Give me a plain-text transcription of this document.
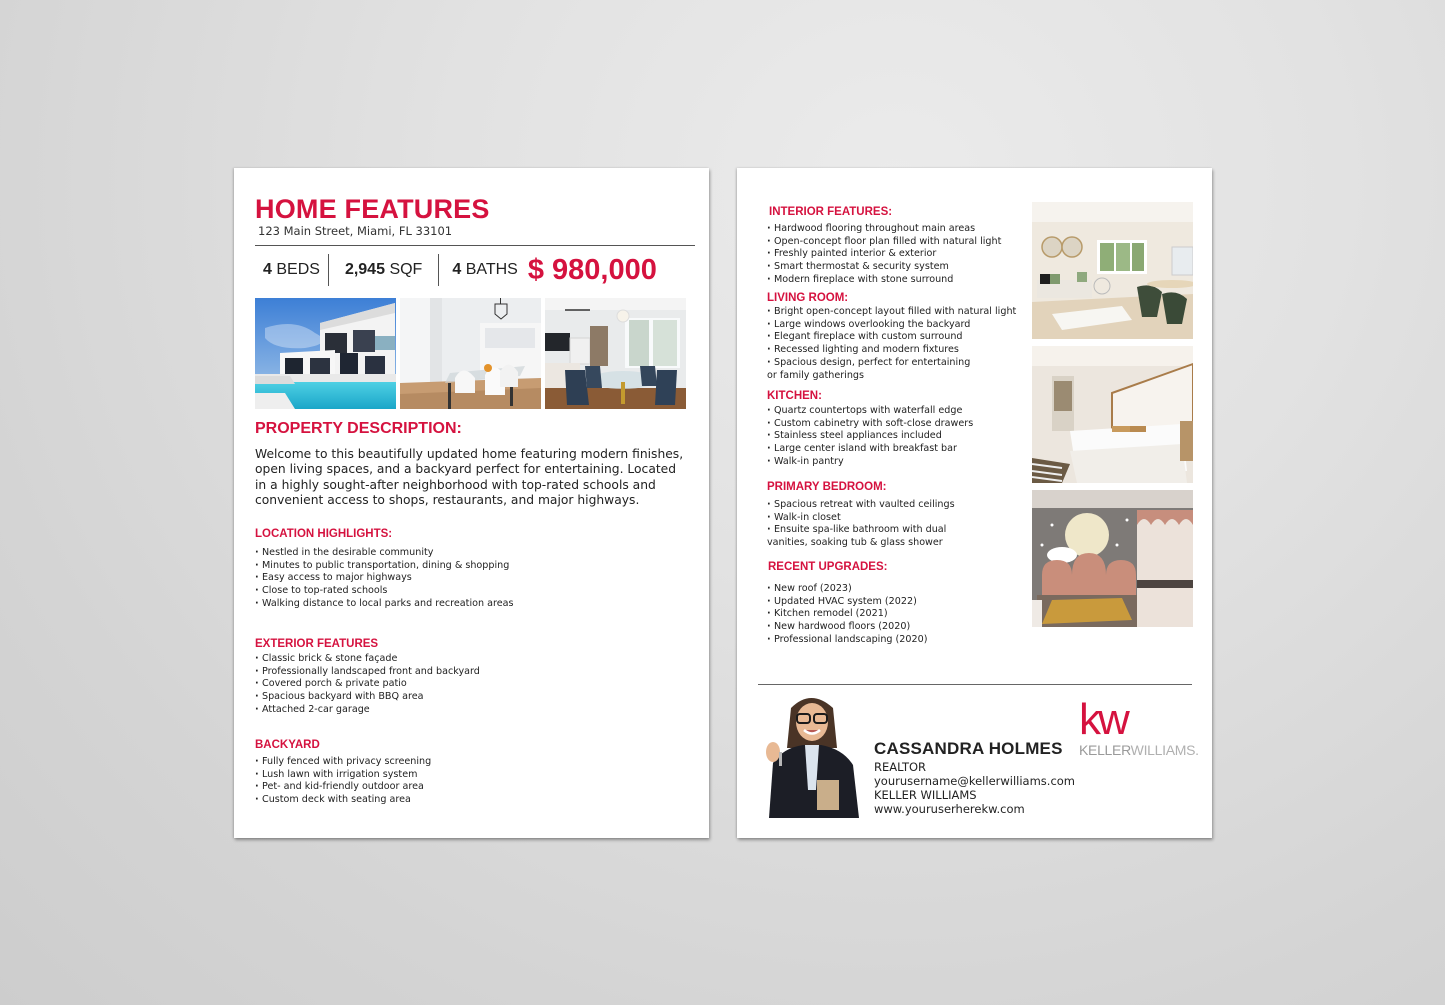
HOME FEATURES
123 Main Street, Miami, FL 33101
4 BEDS	2,945 SQF	4 BATHS $ 980,000
PROPERTY DESCRIPTION:
Welcome to this beautifully updated home featuring modern finishes, open living spaces, and a backyard perfect for entertaining. Located in a highly sought-after neighborhood with top-rated schools and convenient access to shops, restaurants, and major highways.
LOCATION HIGHLIGHTS:
· Nestled in the desirable community
· Minutes to public transportation, dining & shopping
· Easy access to major highways
· Close to top-rated schools
· Walking distance to local parks and recreation areas
EXTERIOR FEATURES
· Classic brick & stone façade
· Professionally landscaped front and backyard
· Covered porch & private patio
· Spacious backyard with BBQ area
· Attached 2-car garage
BACKYARD
· Fully fenced with privacy screening
· Lush lawn with irrigation system
· Pet- and kid-friendly outdoor area
· Custom deck with seating area
INTERIOR FEATURES:
· Hardwood flooring throughout main areas
· Open-concept floor plan filled with natural light
· Freshly painted interior & exterior
· Smart thermostat & security system
· Modern fireplace with stone surround
LIVING ROOM:
· Bright open-concept layout filled with natural light
· Large windows overlooking the backyard
· Elegant fireplace with custom surround
· Recessed lighting and modern fixtures
· Spacious design, perfect for entertaining
or family gatherings
KITCHEN:
· Quartz countertops with waterfall edge
· Custom cabinetry with soft-close drawers
· Stainless steel appliances included
· Large center island with breakfast bar
· Walk-in pantry
PRIMARY BEDROOM:
· Spacious retreat with vaulted ceilings
· Walk-in closet
· Ensuite spa-like bathroom with dual
vanities, soaking tub & glass shower
RECENT UPGRADES:
· New roof (2023)
· Updated HVAC system (2022)
· Kitchen remodel (2021)
· New hardwood floors (2020)
· Professional landscaping (2020)
CASSANDRA HOLMES
REALTOR
yourusername@kellerwilliams.com
KELLER WILLIAMS
www.youruserherekw.com
kw
KELLERWILLIAMS.
